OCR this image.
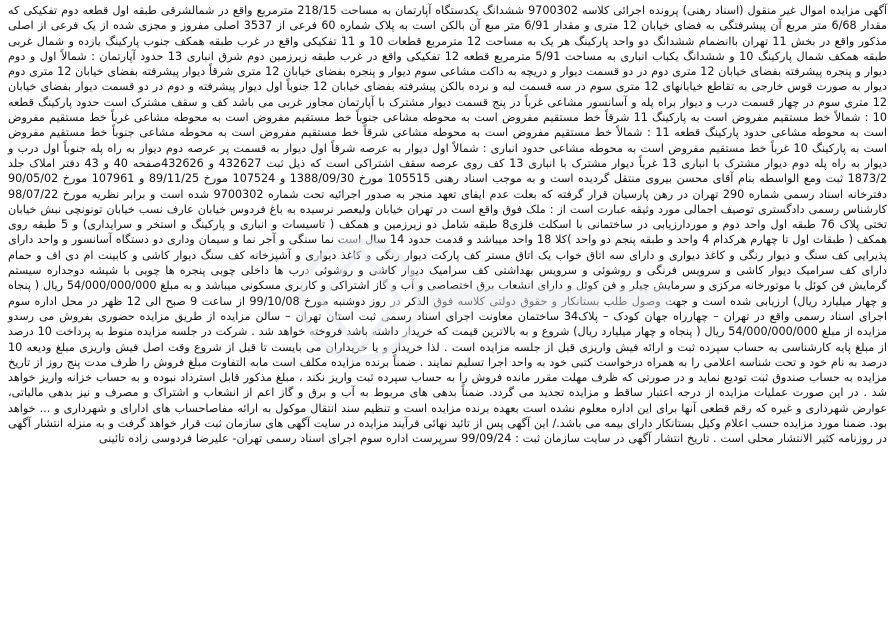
آگهی مزایده اموال غیر منقول (اسناد رهنی) پرونده اجرائی کلاسه 9700302 ششدانگ یکدستگاه آپارتمان به مساحت 218/15 مترمربع واقع در شمالشرقی طبقه اول قطعه دوم تفکیکی که مقدار 6/68 متر مربع آن پیشرفتگی به فضای خیابان 12 متری و مقدار 6/91 متر مبع آن بالکن است به پلاک شماره 60 فرعی از 3537 اصلی مفروز و مجزی شده از یک فرعی از اصلی مذکور واقع در بخش 11 تهران باانضمام ششدانگ دو واحد پارکینگ هر یک به مساحت 12 مترمربع قطعات 10 و 11 تفکیکی واقع در غرب طبقه همکف جنوب پارکینگ یازده و شمال غربی طبقه همکف شمال پارکینگ 10 و ششدانگ یکباب انباری به مساحت 5/91 مترمربع قطعه 12 تفکیکی واقع در غرب طبقه زیرزمین دوم شرق انباری 13 حدود آپارتمان : شمالاً اول و دوم دیوار و پنجره پیشرفته بفضای خیابان 12 متری دوم در دو قسمت دیوار و دریچه به داکت مشاعی سوم دیوار و پنجره بفضای خیابان 12 متری شرقاً دیوار پیشرفته بفضای خیابان 12 متری دوم دیوار به صورت قوس خارجی به تقاطع خیابانهای 12 متری سوم در سه قسمت لبه و نرده بالکن پیشرفته بفضای خیابان 12 جنوباً اول دیوار پیشرفته و دوم در دو قسمت دیوار بفضای خیابان 12 متری سوم در چهار قسمت درب و دیوار براه پله و آسانسور مشاعی غرباً در پنج قسمت دیوار مشترک با آپارتمان مجاور غربی می باشد کف و سقف مشترک است حدود پارکینگ قطعه 10 : شمالاً خط مستقیم مفروض است به پارکینگ 11 شرقاً خط مستقیم مفروض است به محوطه مشاعی جنوباً خط مستقیم مفروض است به محوطه مشاعی غرباً خط مستقیم مفروض است به محوطه مشاعی حدود پارکینگ قطعه 11 : شمالاً خط مستقیم مفروض است به محوطه مشاعی شرقاً خط مستقیم مفروض است به محوطه مشاعی جنوباً خط مستقیم مفروض است به پارکینگ 10 غرباً خط مستقیم مفروض است به محوطه مشاعی حدود انباری : شمالاً اول دیوار به عرصه شرقاً اول دیوار به قسمت پر عرصه دوم دیوار به راه پله جنوباً اول درب و دیوار به راه پله دوم دیوار مشترک با انباری 13 غرباً دیوار مشترک با انباری 13 کف روی عرصه سقف اشتراکی است که ذیل ثبت 432627 و 432626صفحه 40 و 43 دفتر املاک جلد 1873/2 ثبت ومع الواسطه بنام آقای محسن بیروی منتقل گردیده است و به موجب اسناد رهنی 105515 مورخ 1388/09/30 و 107524 مورخ 89/11/25 و 107961 مورخ 90/05/02 دفترخانه اسناد رسمی شماره 290 تهران در رهن پارسیان قرار گرفته که بعلت عدم ایفای تعهد منجر به صدور اجرائیه تحت شماره 9700302 شده است و برابر نظریه مورخ 98/07/22 کارشناس رسمی دادگستری توصیف اجمالی مورد وثیقه عبارت است از : ملک فوق واقع است در تهران خیابان ولیعصر نرسیده به باغ فردوس خیابان عارف نسب خیابان تونونچی نبش خیابان تختی پلاک 76 طبقه اول واحد دوم و موردارزیابی در ساختمانی با اسکلت فلزی8 طبقه شامل دو زیرزمین و همکف ( تاسیسات و انباری و پارکینگ و استخر و سرایداری) و 5 طبقه روی همکف ( طبقات اول تا چهارم هرکدام 4 واحد و طبقه پنجم دو واحد )کلا 18 واحد میباشد و قدمت حدود 14 سال است نما سنگی و آجر نما و سیمان وداری دو دستگاه آسانسور و واحد دارای پذیرایی کف سنگ و دیوار رنگی و کاغذ دیواری و دارای سه اتاق خواب یک اتاق مستر کف پارکت دیوار رنگی و کاغذ دیواری و آشپزخانه کف سنگ دیوار کاشی و کابینت ام دی اف و حمام دارای کف سرامیک دیوار کاشی و سرویس فرنگی و روشوئی و سرویس بهداشتی کف سرامیک دیوار کاشی و روشوئی درب ها داخلی چوبی پنجره ها چوبی با شیشه دوجداره سیستم گرمایش فن کوئل با موتورخانه مرکزی و سرمایش چیلر و فن کوئل و دارای انشعاب برق اختصاصی و آب و گاز اشتراکی و کاربری مسکونی میباشد و به مبلغ 54/000/000/000 ریال ( پنجاه و چهار میلیارد ریال) ارزیابی شده است و جهت وصول طلب بستانکار و حقوق دولتی کلاسه فوق الذکر در روز دوشنبه مورخ 99/10/08 از ساعت 9 صبح الی 12 ظهر در محل اداره سوم اجرای اسناد رسمی واقع در تهران – چهارراه جهان کودک – پلاک34 ساختمان معاونت اجرای اسناد رسمی ثبت استان تهران – سالن مزایده از طریق مزایده حضوری بفروش می رسدو مزایده از مبلغ 54/000/000/000 ریال ( پنجاه و چهار میلیارد ریال) شروع و به بالاترین قیمت که خریدار داشته باشد فروخته خواهد شد . شرکت در جلسه مزایده منوط به پرداخت 10 درصد از مبلغ پایه کارشناسی به حساب سپرده ثبت و ارائه فیش واریزی قبل از جلسه مزایده است . لذا خریدار و یا خریداران می بایست تا قبل از شروع وقت اصل فیش واریزی مبلغ ودیعه 10 درصد به نام خود و تحت شناسه اعلامی را به همراه درخواست کتبی خود به واحد اجرا تسلیم نمایند . ضمناً برنده مزایده مکلف است مابه التفاوت مبلغ فروش را ظرف مدت پنج روز از تاریخ مزایده به حساب صندوق ثبت تودیع نماید و در صورتی که ظرف مهلت مقرر مانده فروش را به حساب سپرده ثبت واریز نکند ، مبلغ مذکور قابل استرداد نبوده و به حساب خزانه واریز خواهد شد . در این صورت عملیات مزایده از درجه اعتبار ساقط و مزایده تجدید می گردد. ضمناً بدهی های مربوط به آب و برق و گاز اعم از انشعاب و اشتراک و مصرف و نیز بدهی مالیاتی، عوارض شهرداری و غیره که رقم قطعی آنها برای این اداره معلوم نشده است بعهده برنده مزایده است و تنظیم سند انتقال موکول به ارائه مفاصاحساب های ادارای و شهرداری و ... خواهد بود. ضمنا مورد مزایده حسب اعلام وکیل بستانکار دارای بیمه می باشد./ این آگهی پس از تائید نهائی فرآیند مزایده در سایت آگهی های سازمان ثبت قرار خواهد گرفت و به منزله انتشار آگهی در روزنامه کثیر الانتشار محلی است . تاریخ انتشار آگهی در سایت سازمان ثبت : 99/09/24 سرپرست اداره سوم اجرای اسناد رسمی تهران- علیرضا فردوسی زاده تائینی
